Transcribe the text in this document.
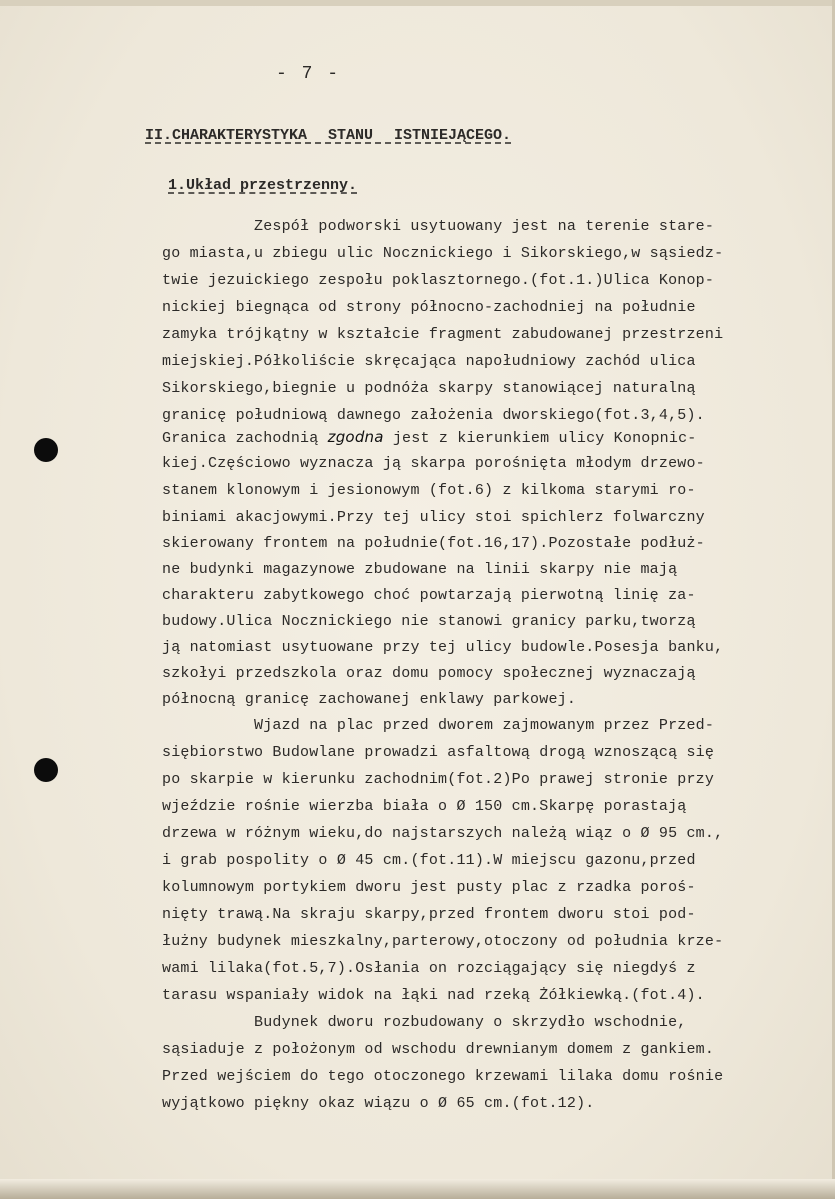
- 7 -
II.CHARAKTERYSTYKA STANU ISTNIEJĄCEGO.
1.Układ przestrzenny.
Zespół podworski usytuowany jest na terenie stare-
go miasta,u zbiegu ulic Nocznickiego i Sikorskiego,w sąsiedz-
twie jezuickiego zespołu poklasztornego.(fot.1.)Ulica Konop-
nickiej biegnąca od strony północno-zachodniej na południe
zamyka trójkątny w kształcie fragment zabudowanej przestrzeni
miejskiej.Półkoliście skręcająca napołudniowy zachód ulica
Sikorskiego,biegnie u podnóża skarpy stanowiącej naturalną
granicę południową dawnego założenia dworskiego(fot.3,4,5).
Granica zachodnią zgodna jest z kierunkiem ulicy Konopnic-
kiej.Częściowo wyznacza ją skarpa porośnięta młodym drzewo-
stanem klonowym i jesionowym (fot.6) z kilkoma starymi ro-
biniami akacjowymi.Przy tej ulicy stoi spichlerz folwarczny
skierowany frontem na południe(fot.16,17).Pozostałe podłuż-
ne budynki magazynowe zbudowane na linii skarpy nie mają
charakteru zabytkowego choć powtarzają pierwotną linię za-
budowy.Ulica Nocznickiego nie stanowi granicy parku,tworzą
ją natomiast usytuowane przy tej ulicy budowle.Posesja banku,
szkołyi przedszkola oraz domu pomocy społecznej wyznaczają
północną granicę zachowanej enklawy parkowej.
Wjazd na plac przed dworem zajmowanym przez Przed-
siębiorstwo Budowlane prowadzi asfaltową drogą wznoszącą się
po skarpie w kierunku zachodnim(fot.2)Po prawej stronie przy
wjeździe rośnie wierzba biała o Ø 150 cm.Skarpę porastają
drzewa w różnym wieku,do najstarszych należą wiąz o Ø 95 cm.,
i grab pospolity o Ø 45 cm.(fot.11).W miejscu gazonu,przed
kolumnowym portykiem dworu jest pusty plac z rzadka poroś-
nięty trawą.Na skraju skarpy,przed frontem dworu stoi pod-
łużny budynek mieszkalny,parterowy,otoczony od południa krze-
wami lilaka(fot.5,7).Osłania on rozciągający się niegdyś z
tarasu wspaniały widok na łąki nad rzeką Żółkiewką.(fot.4).
Budynek dworu rozbudowany o skrzydło wschodnie,
sąsiaduje z położonym od wschodu drewnianym domem z gankiem.
Przed wejściem do tego otoczonego krzewami lilaka domu rośnie
wyjątkowo piękny okaz wiązu o Ø 65 cm.(fot.12).
